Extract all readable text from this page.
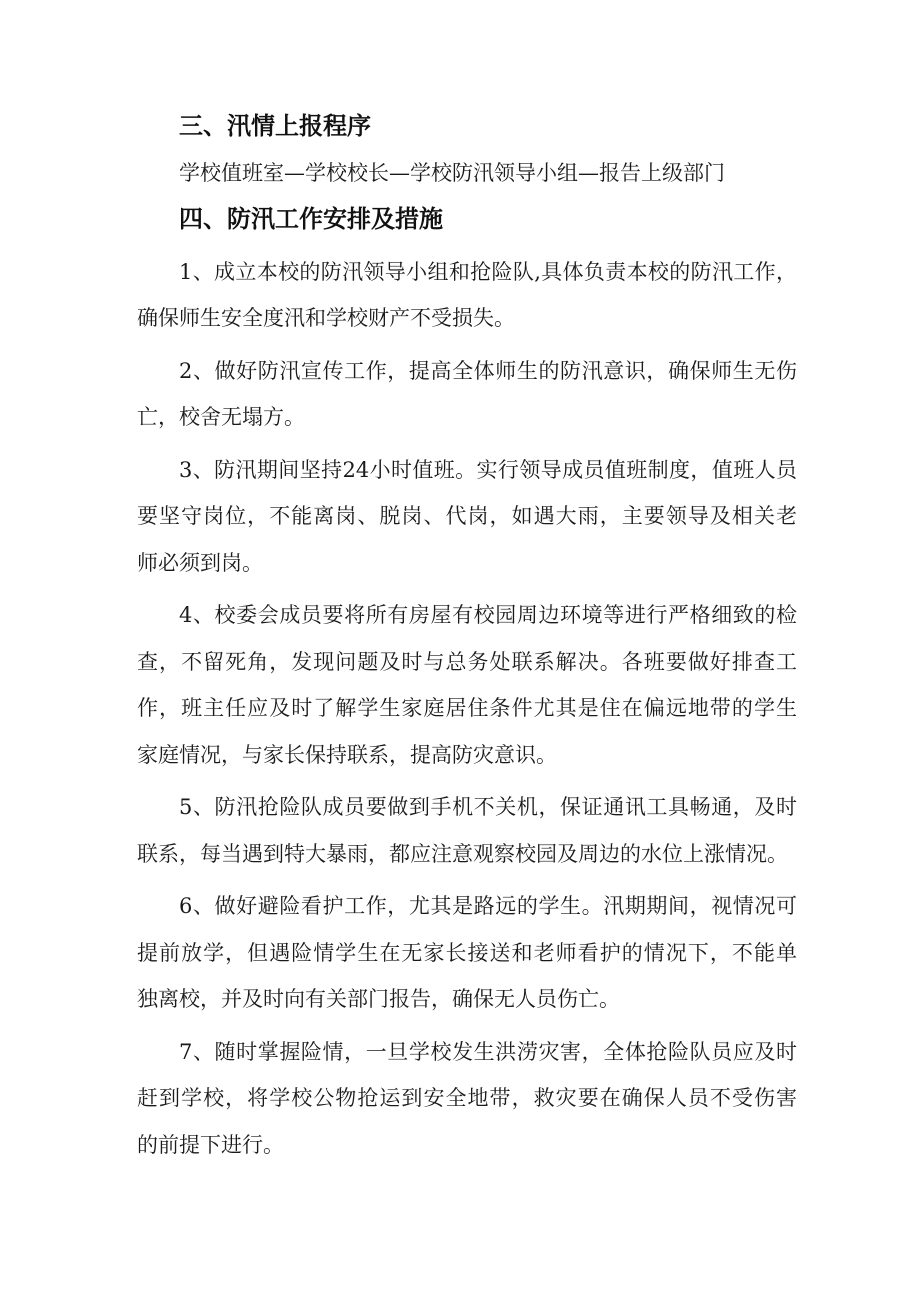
三、汛情上报程序
学校值班室—学校校长—学校防汛领导小组—报告上级部门
四、防汛工作安排及措施
1、成立本校的防汛领导小组和抢险队,具体负责本校的防汛工作，
确保师生安全度汛和学校财产不受损失。
2、做好防汛宣传工作，提高全体师生的防汛意识，确保师生无伤
亡，校舍无塌方。
3、防汛期间坚持24小时值班。实行领导成员值班制度，值班人员
要坚守岗位，不能离岗、脱岗、代岗，如遇大雨，主要领导及相关老
师必须到岗。
4、校委会成员要将所有房屋有校园周边环境等进行严格细致的检
查，不留死角，发现问题及时与总务处联系解决。各班要做好排查工
作，班主任应及时了解学生家庭居住条件尤其是住在偏远地带的学生
家庭情况，与家长保持联系，提高防灾意识。
5、防汛抢险队成员要做到手机不关机，保证通讯工具畅通，及时
联系，每当遇到特大暴雨，都应注意观察校园及周边的水位上涨情况。
6、做好避险看护工作，尤其是路远的学生。汛期期间，视情况可
提前放学，但遇险情学生在无家长接送和老师看护的情况下，不能单
独离校，并及时向有关部门报告，确保无人员伤亡。
7、随时掌握险情，一旦学校发生洪涝灾害，全体抢险队员应及时
赶到学校，将学校公物抢运到安全地带，救灾要在确保人员不受伤害
的前提下进行。
